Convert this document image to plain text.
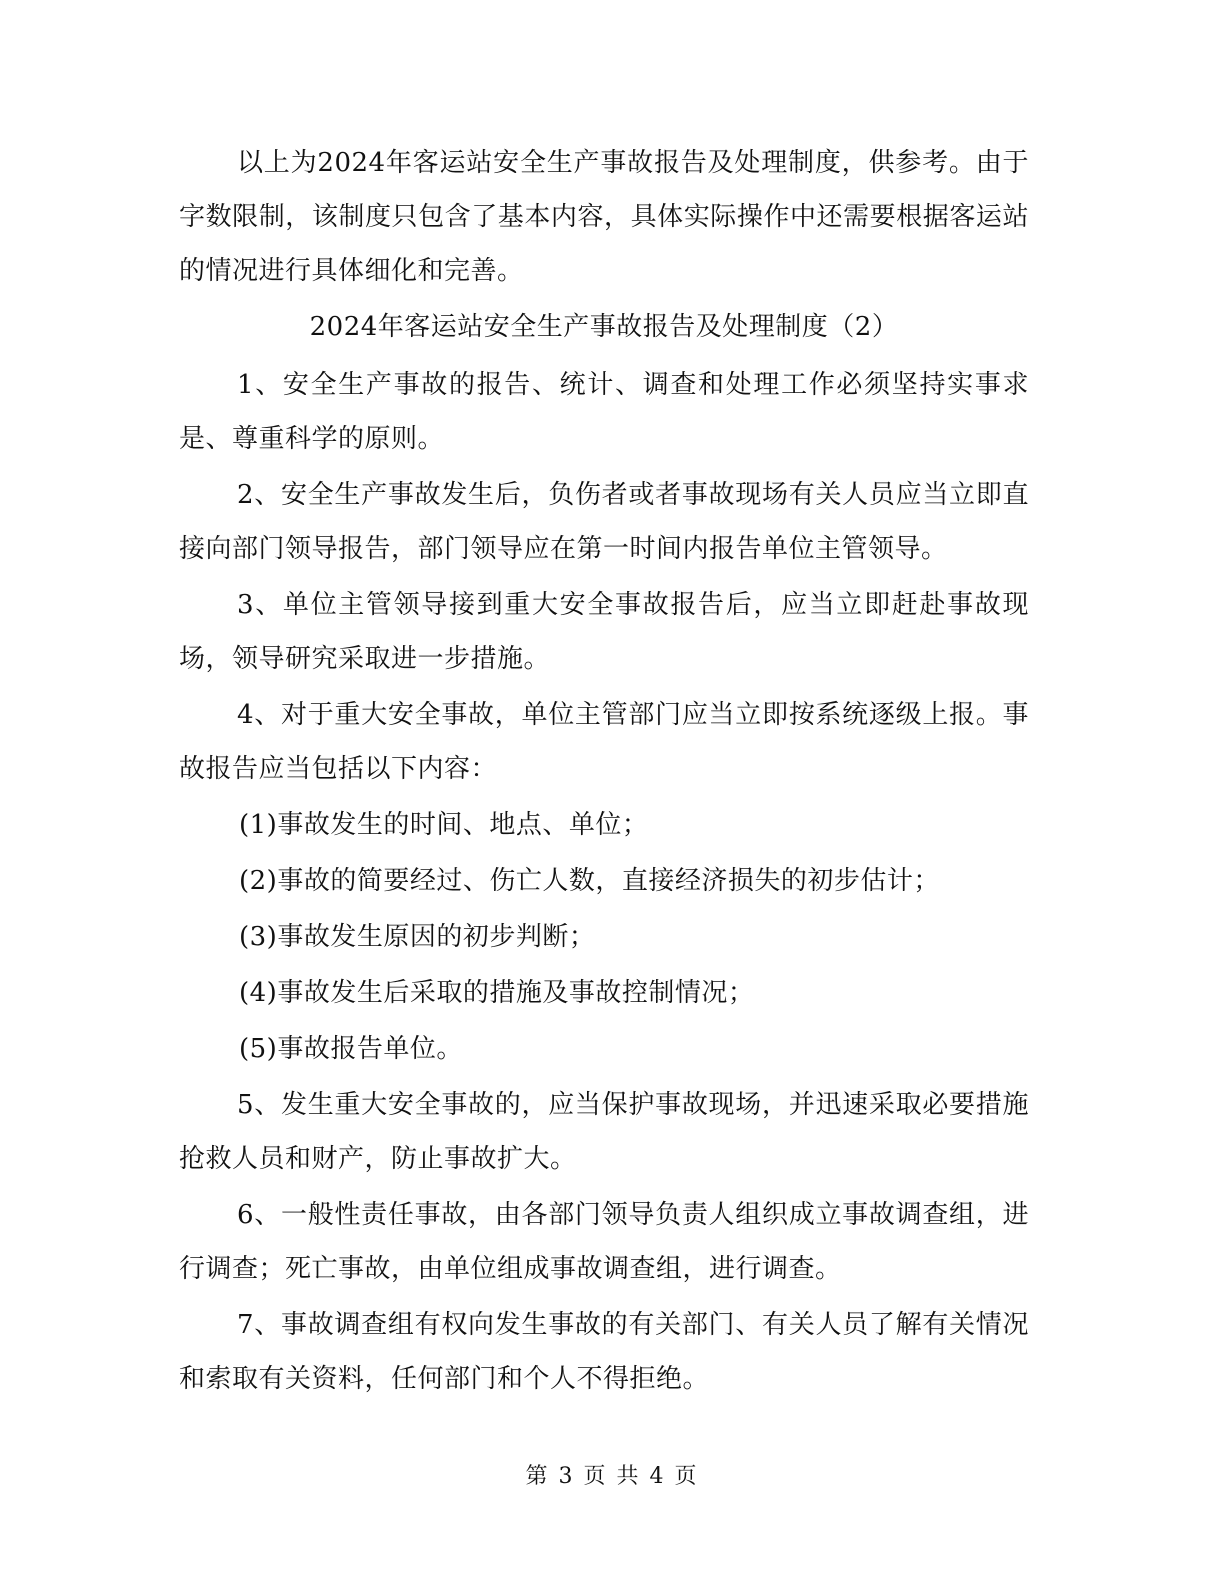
以上为2024年客运站安全生产事故报告及处理制度，供参考。由于字数限制，该制度只包含了基本内容，具体实际操作中还需要根据客运站的情况进行具体细化和完善。

2024年客运站安全生产事故报告及处理制度（2）

1、安全生产事故的报告、统计、调查和处理工作必须坚持实事求是、尊重科学的原则。

2、安全生产事故发生后，负伤者或者事故现场有关人员应当立即直接向部门领导报告，部门领导应在第一时间内报告单位主管领导。

3、单位主管领导接到重大安全事故报告后，应当立即赶赴事故现场，领导研究采取进一步措施。

4、对于重大安全事故，单位主管部门应当立即按系统逐级上报。事故报告应当包括以下内容：

(1)事故发生的时间、地点、单位；

(2)事故的简要经过、伤亡人数，直接经济损失的初步估计；

(3)事故发生原因的初步判断；

(4)事故发生后采取的措施及事故控制情况；

(5)事故报告单位。

5、发生重大安全事故的，应当保护事故现场，并迅速采取必要措施抢救人员和财产，防止事故扩大。

6、一般性责任事故，由各部门领导负责人组织成立事故调查组，进行调查；死亡事故，由单位组成事故调查组，进行调查。

7、事故调查组有权向发生事故的有关部门、有关人员了解有关情况和索取有关资料，任何部门和个人不得拒绝。

第 3 页 共 4 页
